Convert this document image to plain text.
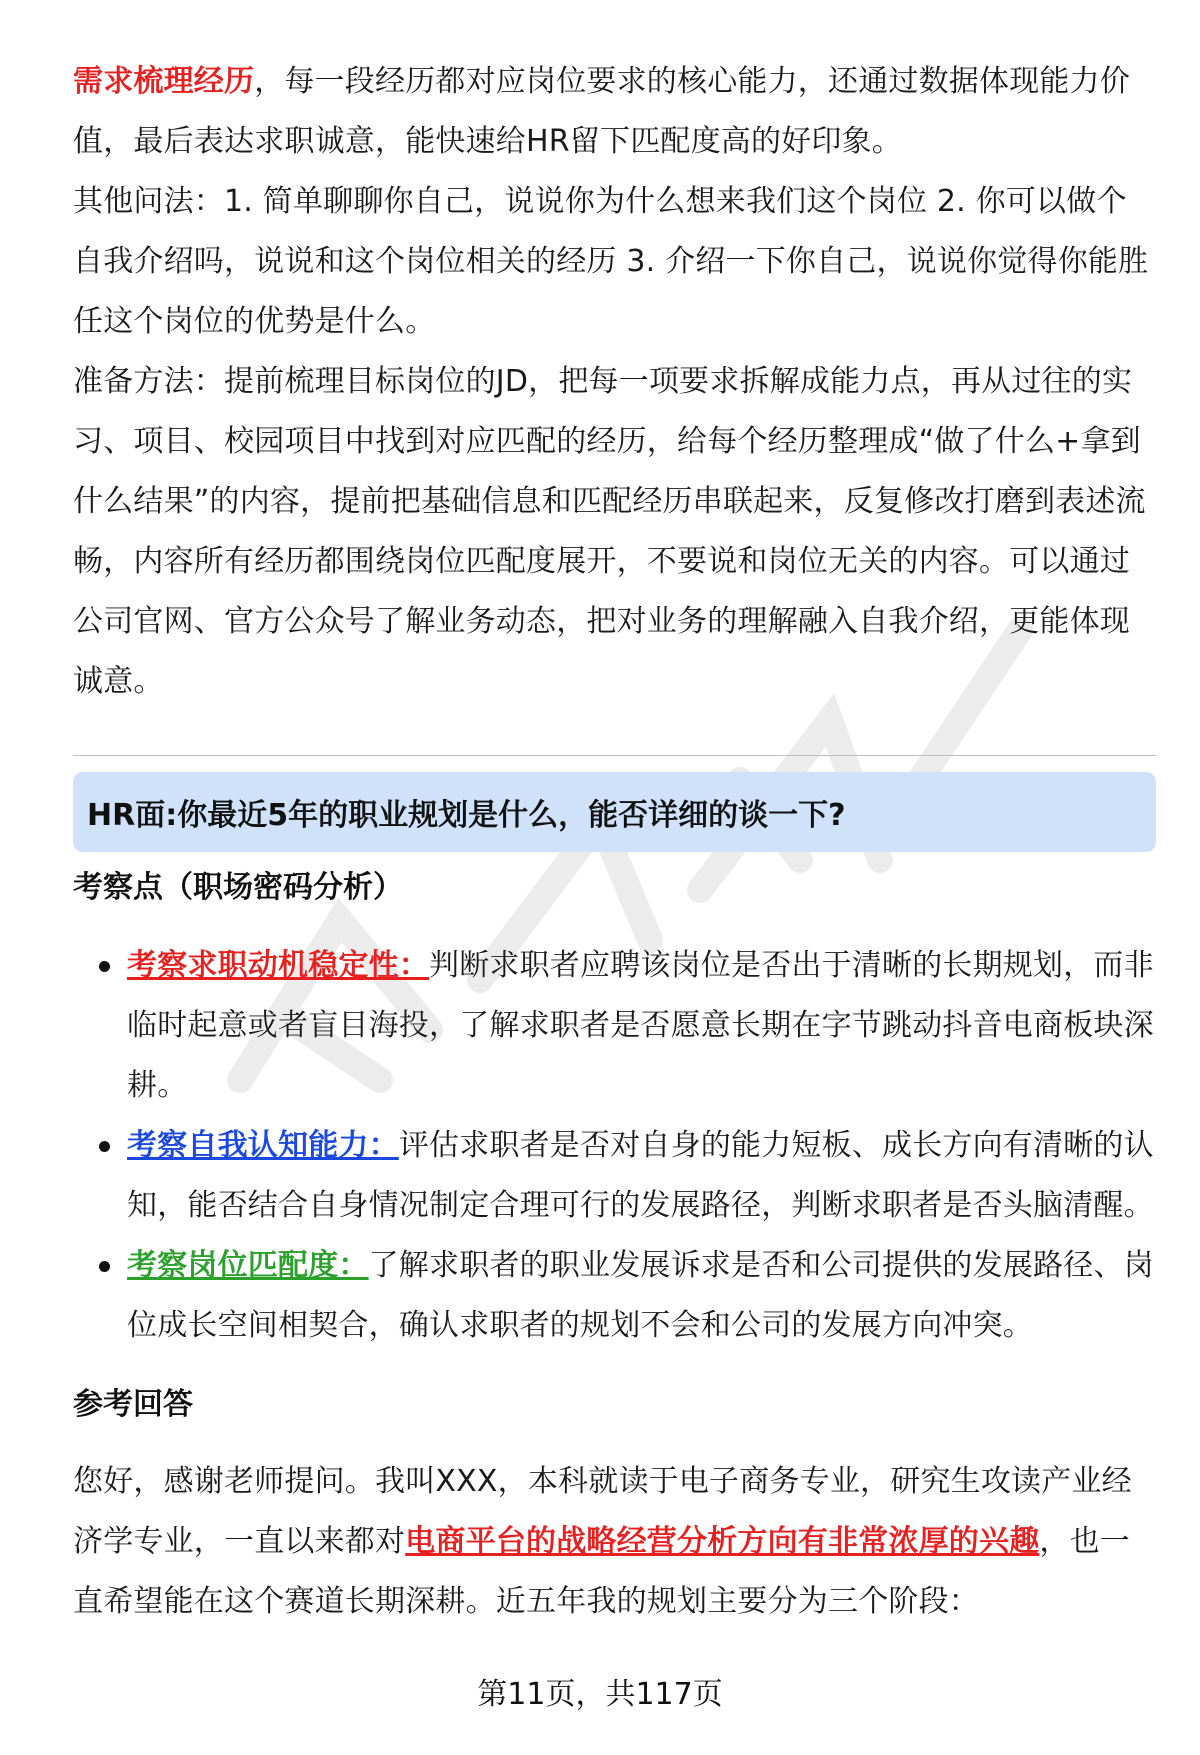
需求梳理经历，每一段经历都对应岗位要求的核心能力，还通过数据体现能力价值，最后表达求职诚意，能快速给HR留下匹配度高的好印象。

其他问法：1. 简单聊聊你自己，说说你为什么想来我们这个岗位 2. 你可以做个自我介绍吗，说说和这个岗位相关的经历 3. 介绍一下你自己，说说你觉得你能胜任这个岗位的优势是什么。

准备方法：提前梳理目标岗位的JD，把每一项要求拆解成能力点，再从过往的实习、项目、校园项目中找到对应匹配的经历，给每个经历整理成“做了什么+拿到什么结果”的内容，提前把基础信息和匹配经历串联起来，反复修改打磨到表述流畅，内容所有经历都围绕岗位匹配度展开，不要说和岗位无关的内容。可以通过公司官网、官方公众号了解业务动态，把对业务的理解融入自我介绍，更能体现诚意。

HR面:你最近5年的职业规划是什么，能否详细的谈一下?
考察点（职场密码分析）

考察求职动机稳定性：判断求职者应聘该岗位是否出于清晰的长期规划，而非临时起意或者盲目海投，了解求职者是否愿意长期在字节跳动抖音电商板块深耕。

考察自我认知能力：评估求职者是否对自身的能力短板、成长方向有清晰的认知，能否结合自身情况制定合理可行的发展路径，判断求职者是否头脑清醒。

考察岗位匹配度：了解求职者的职业发展诉求是否和公司提供的发展路径、岗位成长空间相契合，确认求职者的规划不会和公司的发展方向冲突。

参考回答

您好，感谢老师提问。我叫XXX，本科就读于电子商务专业，研究生攻读产业经济学专业，一直以来都对电商平台的战略经营分析方向有非常浓厚的兴趣，也一直希望能在这个赛道长期深耕。近五年我的规划主要分为三个阶段：

第11页，共117页
